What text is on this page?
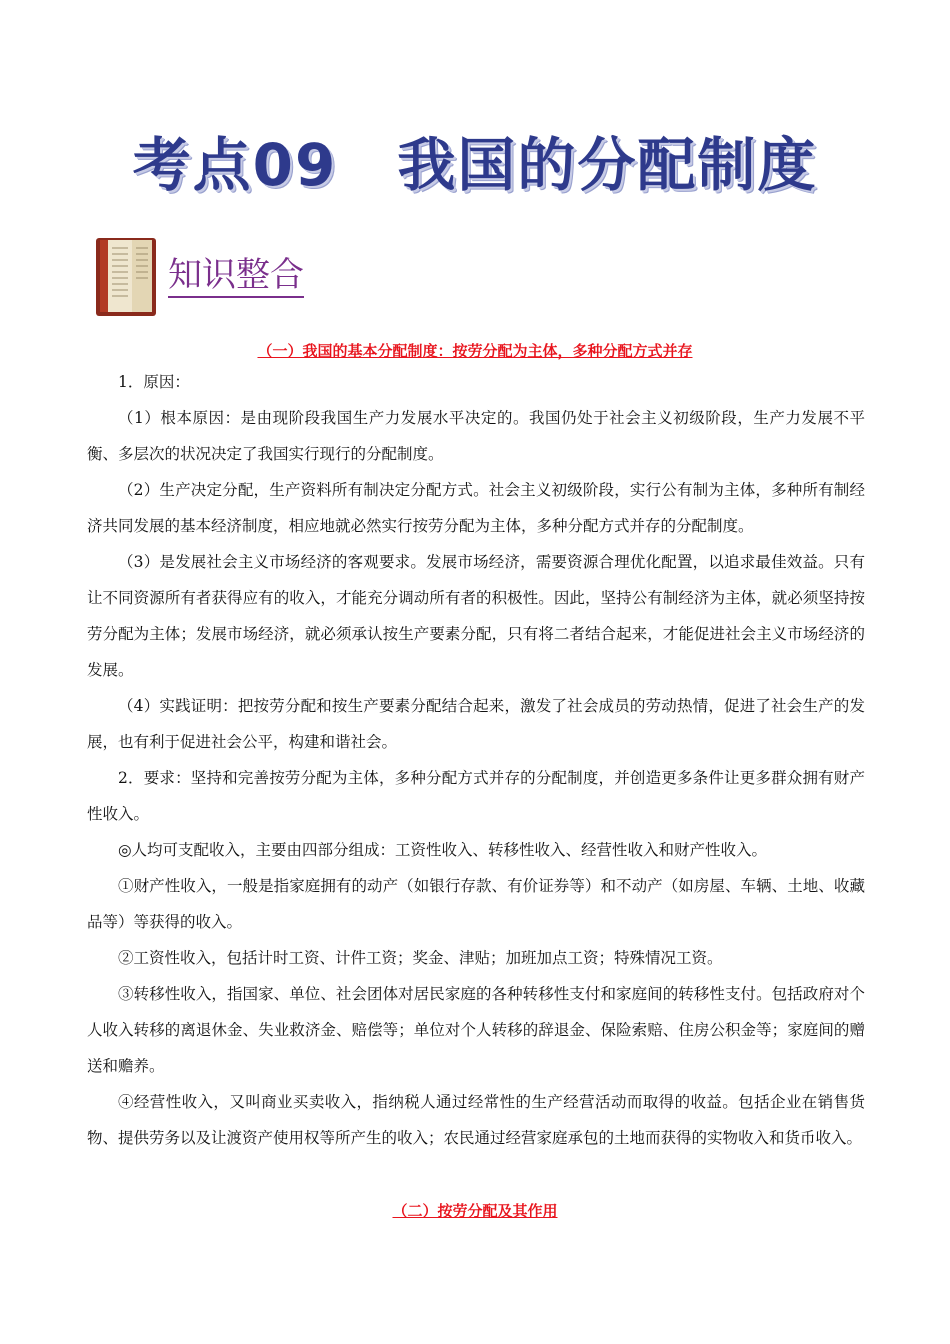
考点09 我国的分配制度
知识整合
（一）我国的基本分配制度：按劳分配为主体，多种分配方式并存

1．原因：

（1）根本原因：是由现阶段我国生产力发展水平决定的。我国仍处于社会主义初级阶段，生产力发展不平衡、多层次的状况决定了我国实行现行的分配制度。

（2）生产决定分配，生产资料所有制决定分配方式。社会主义初级阶段，实行公有制为主体，多种所有制经济共同发展的基本经济制度，相应地就必然实行按劳分配为主体，多种分配方式并存的分配制度。

（3）是发展社会主义市场经济的客观要求。发展市场经济，需要资源合理优化配置，以追求最佳效益。只有让不同资源所有者获得应有的收入，才能充分调动所有者的积极性。因此，坚持公有制经济为主体，就必须坚持按劳分配为主体；发展市场经济，就必须承认按生产要素分配，只有将二者结合起来，才能促进社会主义市场经济的发展。

（4）实践证明：把按劳分配和按生产要素分配结合起来，激发了社会成员的劳动热情，促进了社会生产的发展，也有利于促进社会公平，构建和谐社会。

2．要求：坚持和完善按劳分配为主体，多种分配方式并存的分配制度，并创造更多条件让更多群众拥有财产性收入。

◎人均可支配收入，主要由四部分组成：工资性收入、转移性收入、经营性收入和财产性收入。

①财产性收入，一般是指家庭拥有的动产（如银行存款、有价证券等）和不动产（如房屋、车辆、土地、收藏品等）等获得的收入。

②工资性收入，包括计时工资、计件工资；奖金、津贴；加班加点工资；特殊情况工资。

③转移性收入，指国家、单位、社会团体对居民家庭的各种转移性支付和家庭间的转移性支付。包括政府对个人收入转移的离退休金、失业救济金、赔偿等；单位对个人转移的辞退金、保险索赔、住房公积金等；家庭间的赠送和赡养。

④经营性收入，又叫商业买卖收入，指纳税人通过经常性的生产经营活动而取得的收益。包括企业在销售货物、提供劳务以及让渡资产使用权等所产生的收入；农民通过经营家庭承包的土地而获得的实物收入和货币收入。

（二）按劳分配及其作用
